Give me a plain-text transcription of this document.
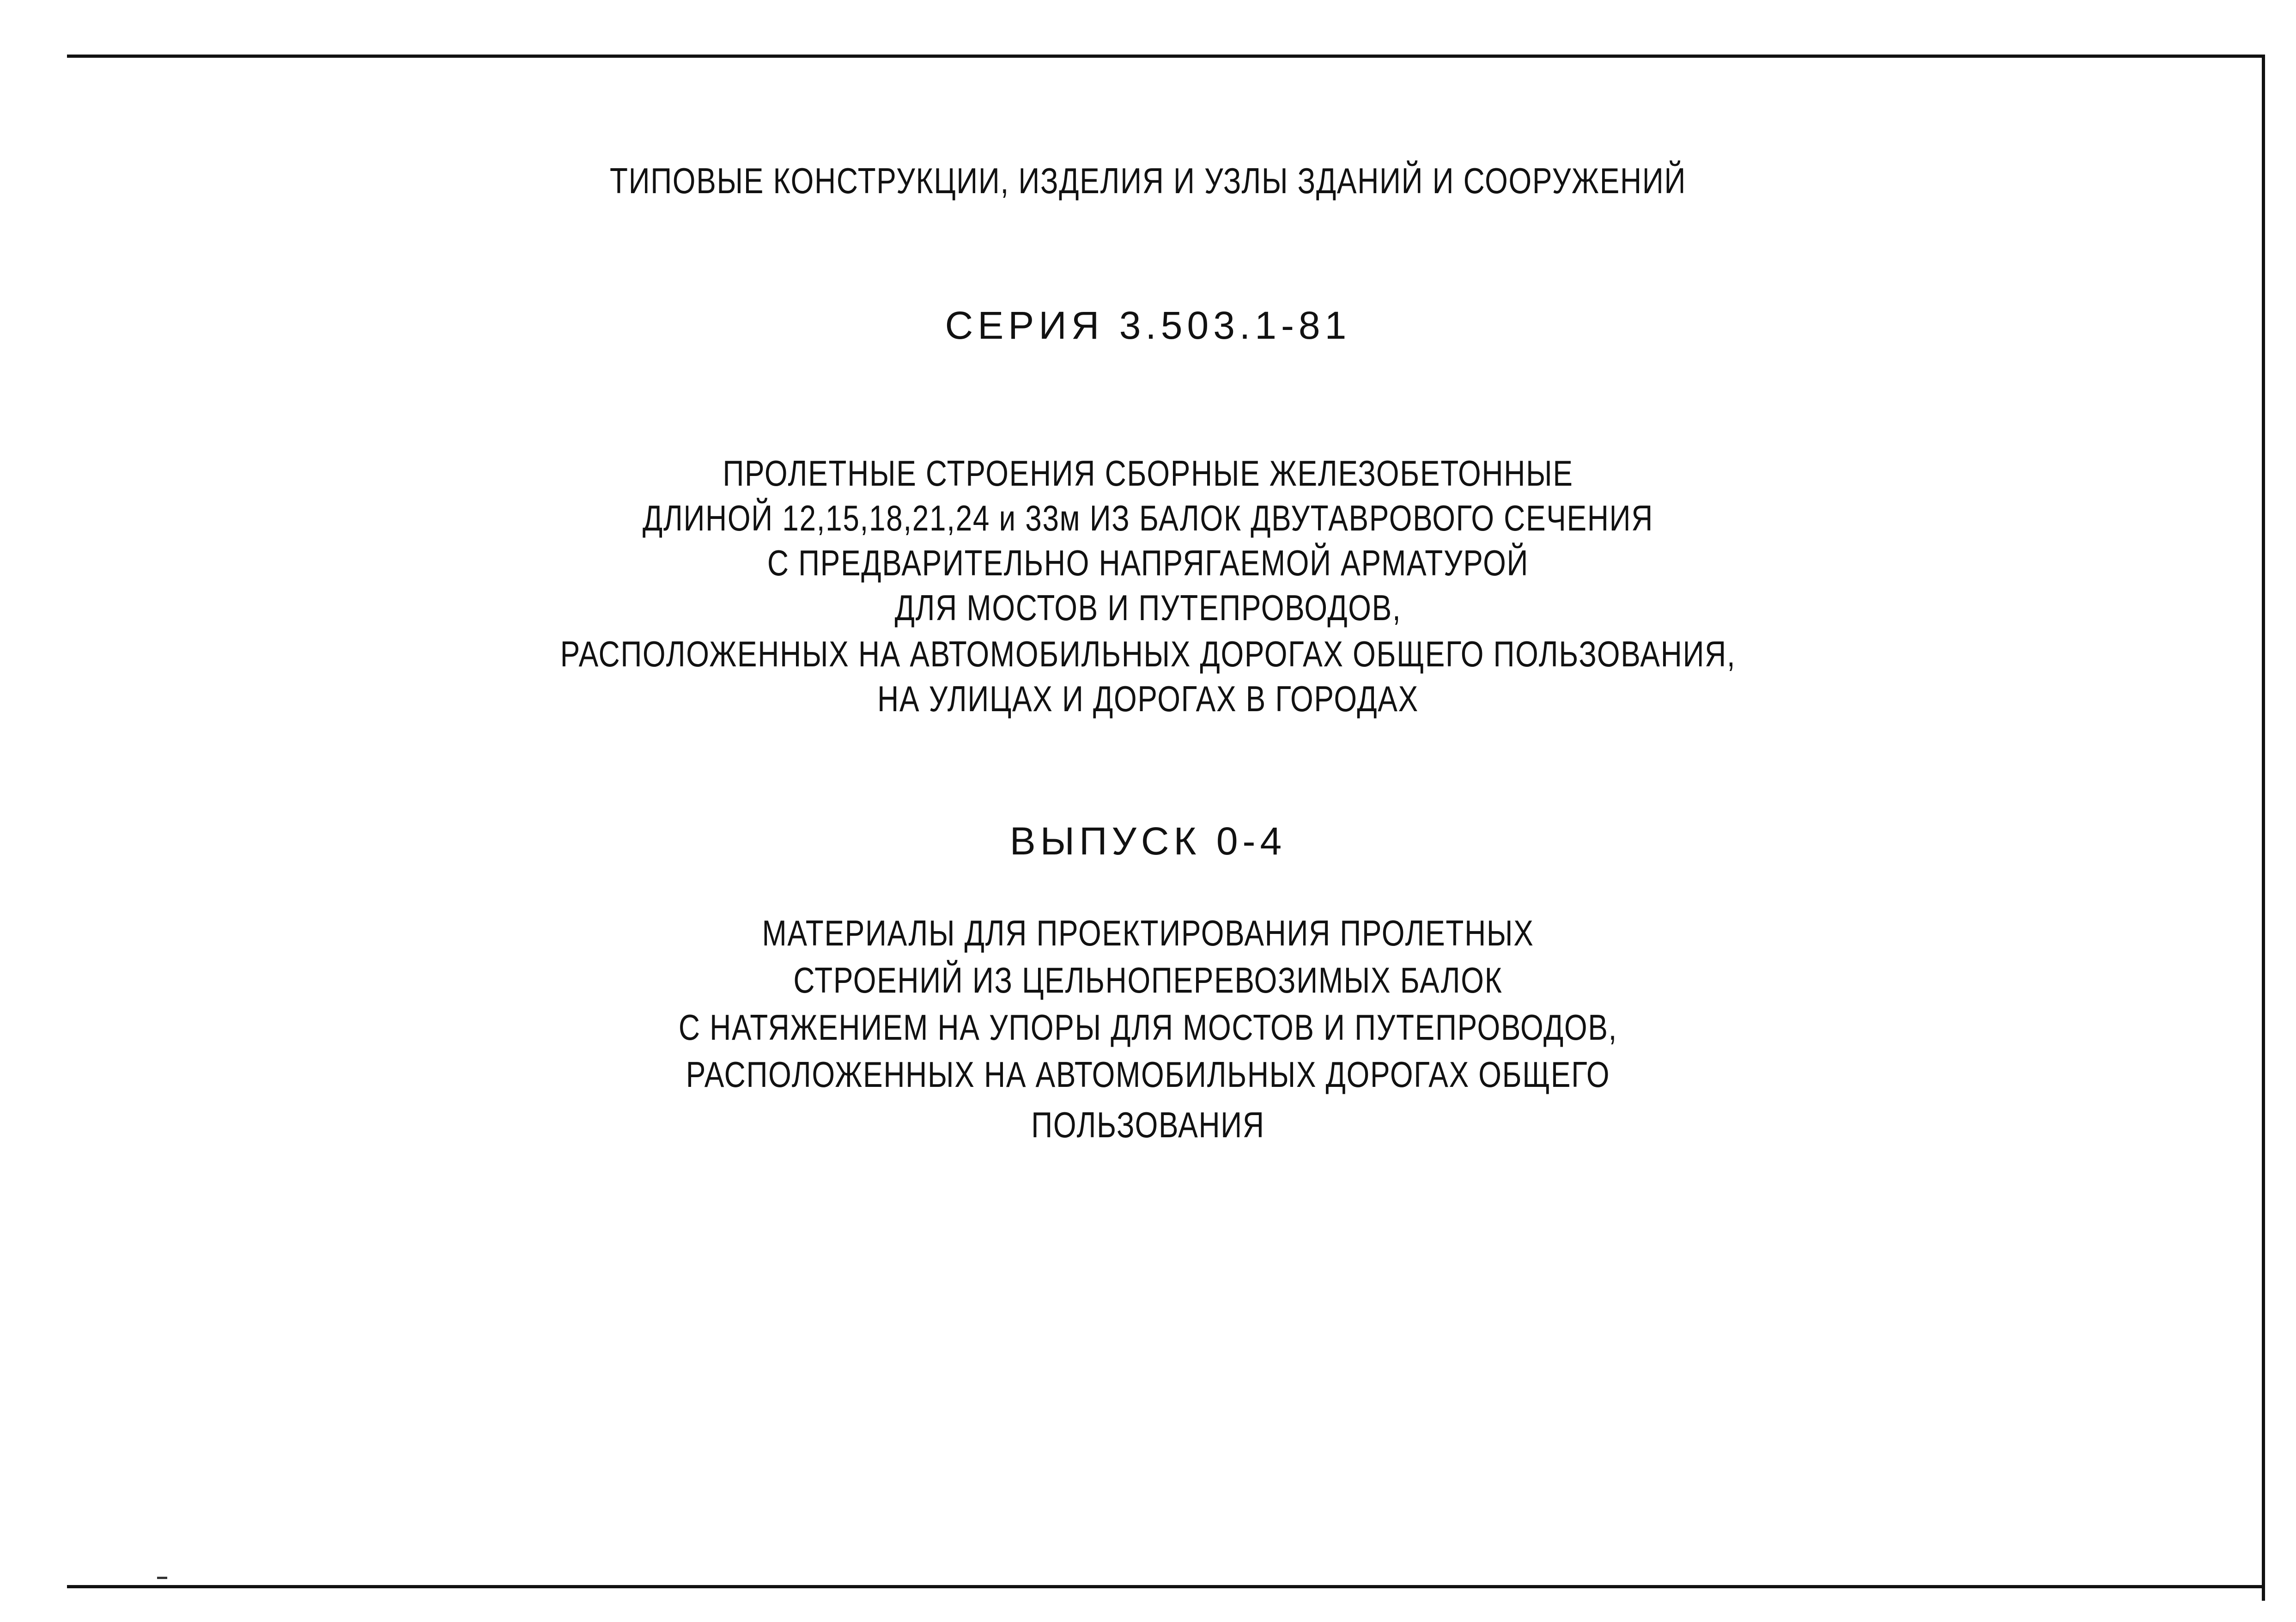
ТИПОВЫЕ КОНСТРУКЦИИ, ИЗДЕЛИЯ И УЗЛЫ ЗДАНИЙ И СООРУЖЕНИЙ
СЕРИЯ 3.503.1-81
ПРОЛЕТНЫЕ СТРОЕНИЯ СБОРНЫЕ ЖЕЛЕЗОБЕТОННЫЕ
ДЛИНОЙ 12,15,18,21,24 и 33м ИЗ БАЛОК ДВУТАВРОВОГО СЕЧЕНИЯ
С ПРЕДВАРИТЕЛЬНО НАПРЯГАЕМОЙ АРМАТУРОЙ
ДЛЯ МОСТОВ И ПУТЕПРОВОДОВ,
РАСПОЛОЖЕННЫХ НА АВТОМОБИЛЬНЫХ ДОРОГАХ ОБЩЕГО ПОЛЬЗОВАНИЯ,
НА УЛИЦАХ И ДОРОГАХ В ГОРОДАХ
ВЫПУСК 0-4
МАТЕРИАЛЫ ДЛЯ ПРОЕКТИРОВАНИЯ ПРОЛЕТНЫХ
СТРОЕНИЙ ИЗ ЦЕЛЬНОПЕРЕВОЗИМЫХ БАЛОК
С НАТЯЖЕНИЕМ НА УПОРЫ ДЛЯ МОСТОВ И ПУТЕПРОВОДОВ,
РАСПОЛОЖЕННЫХ НА АВТОМОБИЛЬНЫХ ДОРОГАХ ОБЩЕГО
ПОЛЬЗОВАНИЯ
